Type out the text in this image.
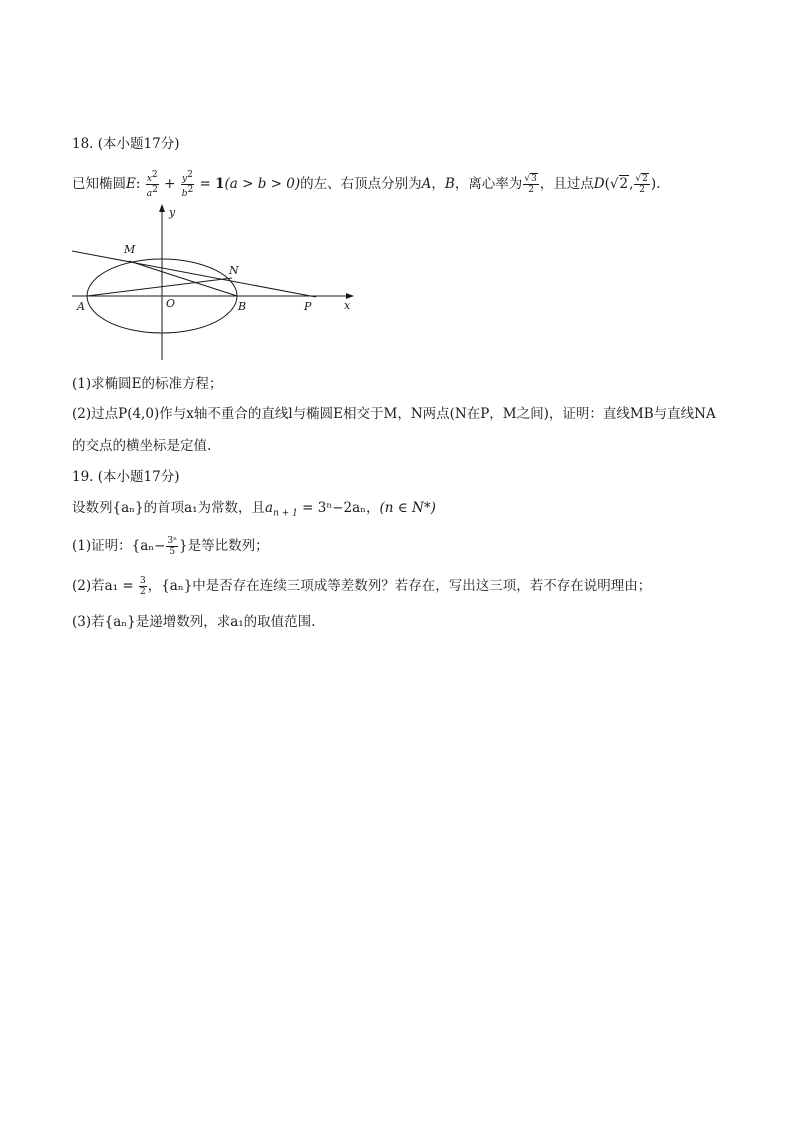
18. (本小题17分)
已知椭圆E: $\frac{x^2}{a^2} + \frac{y^2}{b^2} = 1(a > b > 0)$的左、右顶点分别为A，B，离心率为 $\frac{√3}{2}$ ，且过点D(√2, $\frac{√2}{2}$ ).
y
x
M
N
A	O	B	P
(1)求椭圆E的标准方程；
(2)过点P(4,0)作与x轴不重合的直线l与椭圆E相交于M，N两点(N在P，M之间)，证明：直线MB与直线NA
的交点的横坐标是定值.
19. (本小题17分)
设数列{aₙ}的首项a₁为常数，且$a_{n + 1} = 3^n-2a_n$，(n ∈ N*)
(1)证明：{$a_n- \frac{\text{3ⁿ}}{5}$ }是等比数列；
(2)若$a_1 = \frac{3}{2}$ ，{aₙ}中是否存在连续三项成等差数列？若存在，写出这三项，若不存在说明理由；
(3)若{aₙ}是递增数列，求a₁的取值范围.
